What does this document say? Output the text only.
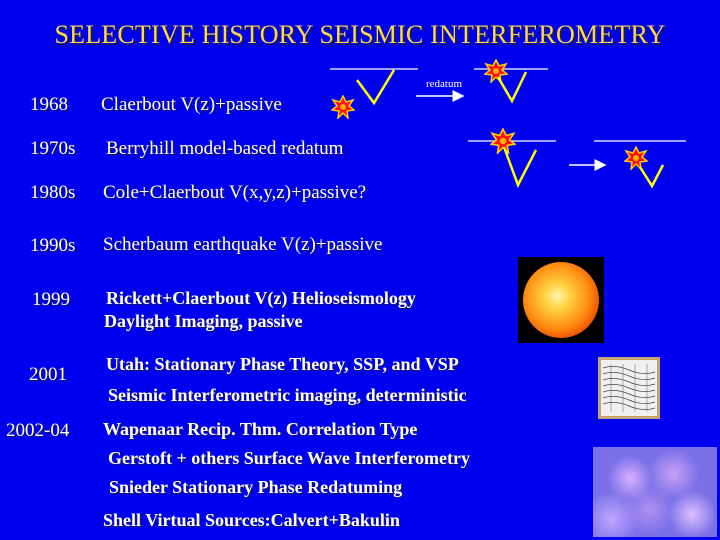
SELECTIVE HISTORY SEISMIC INTERFEROMETRY
redatum
1968 Claerbout V(z)+passive
1970s Berryhill model-based redatum
1980s Cole+Claerbout V(x,y,z)+passive?
1990s Scherbaum earthquake V(z)+passive
1999 Rickett+Claerbout V(z) Helioseismology
Daylight Imaging, passive
2001 Utah: Stationary Phase Theory, SSP, and VSP
Seismic Interferometric imaging, deterministic
2002-04 Wapenaar Recip. Thm. Correlation Type
Gerstoft + others Surface Wave Interferometry
Snieder Stationary Phase Redatuming
Shell Virtual Sources:Calvert+Bakulin
